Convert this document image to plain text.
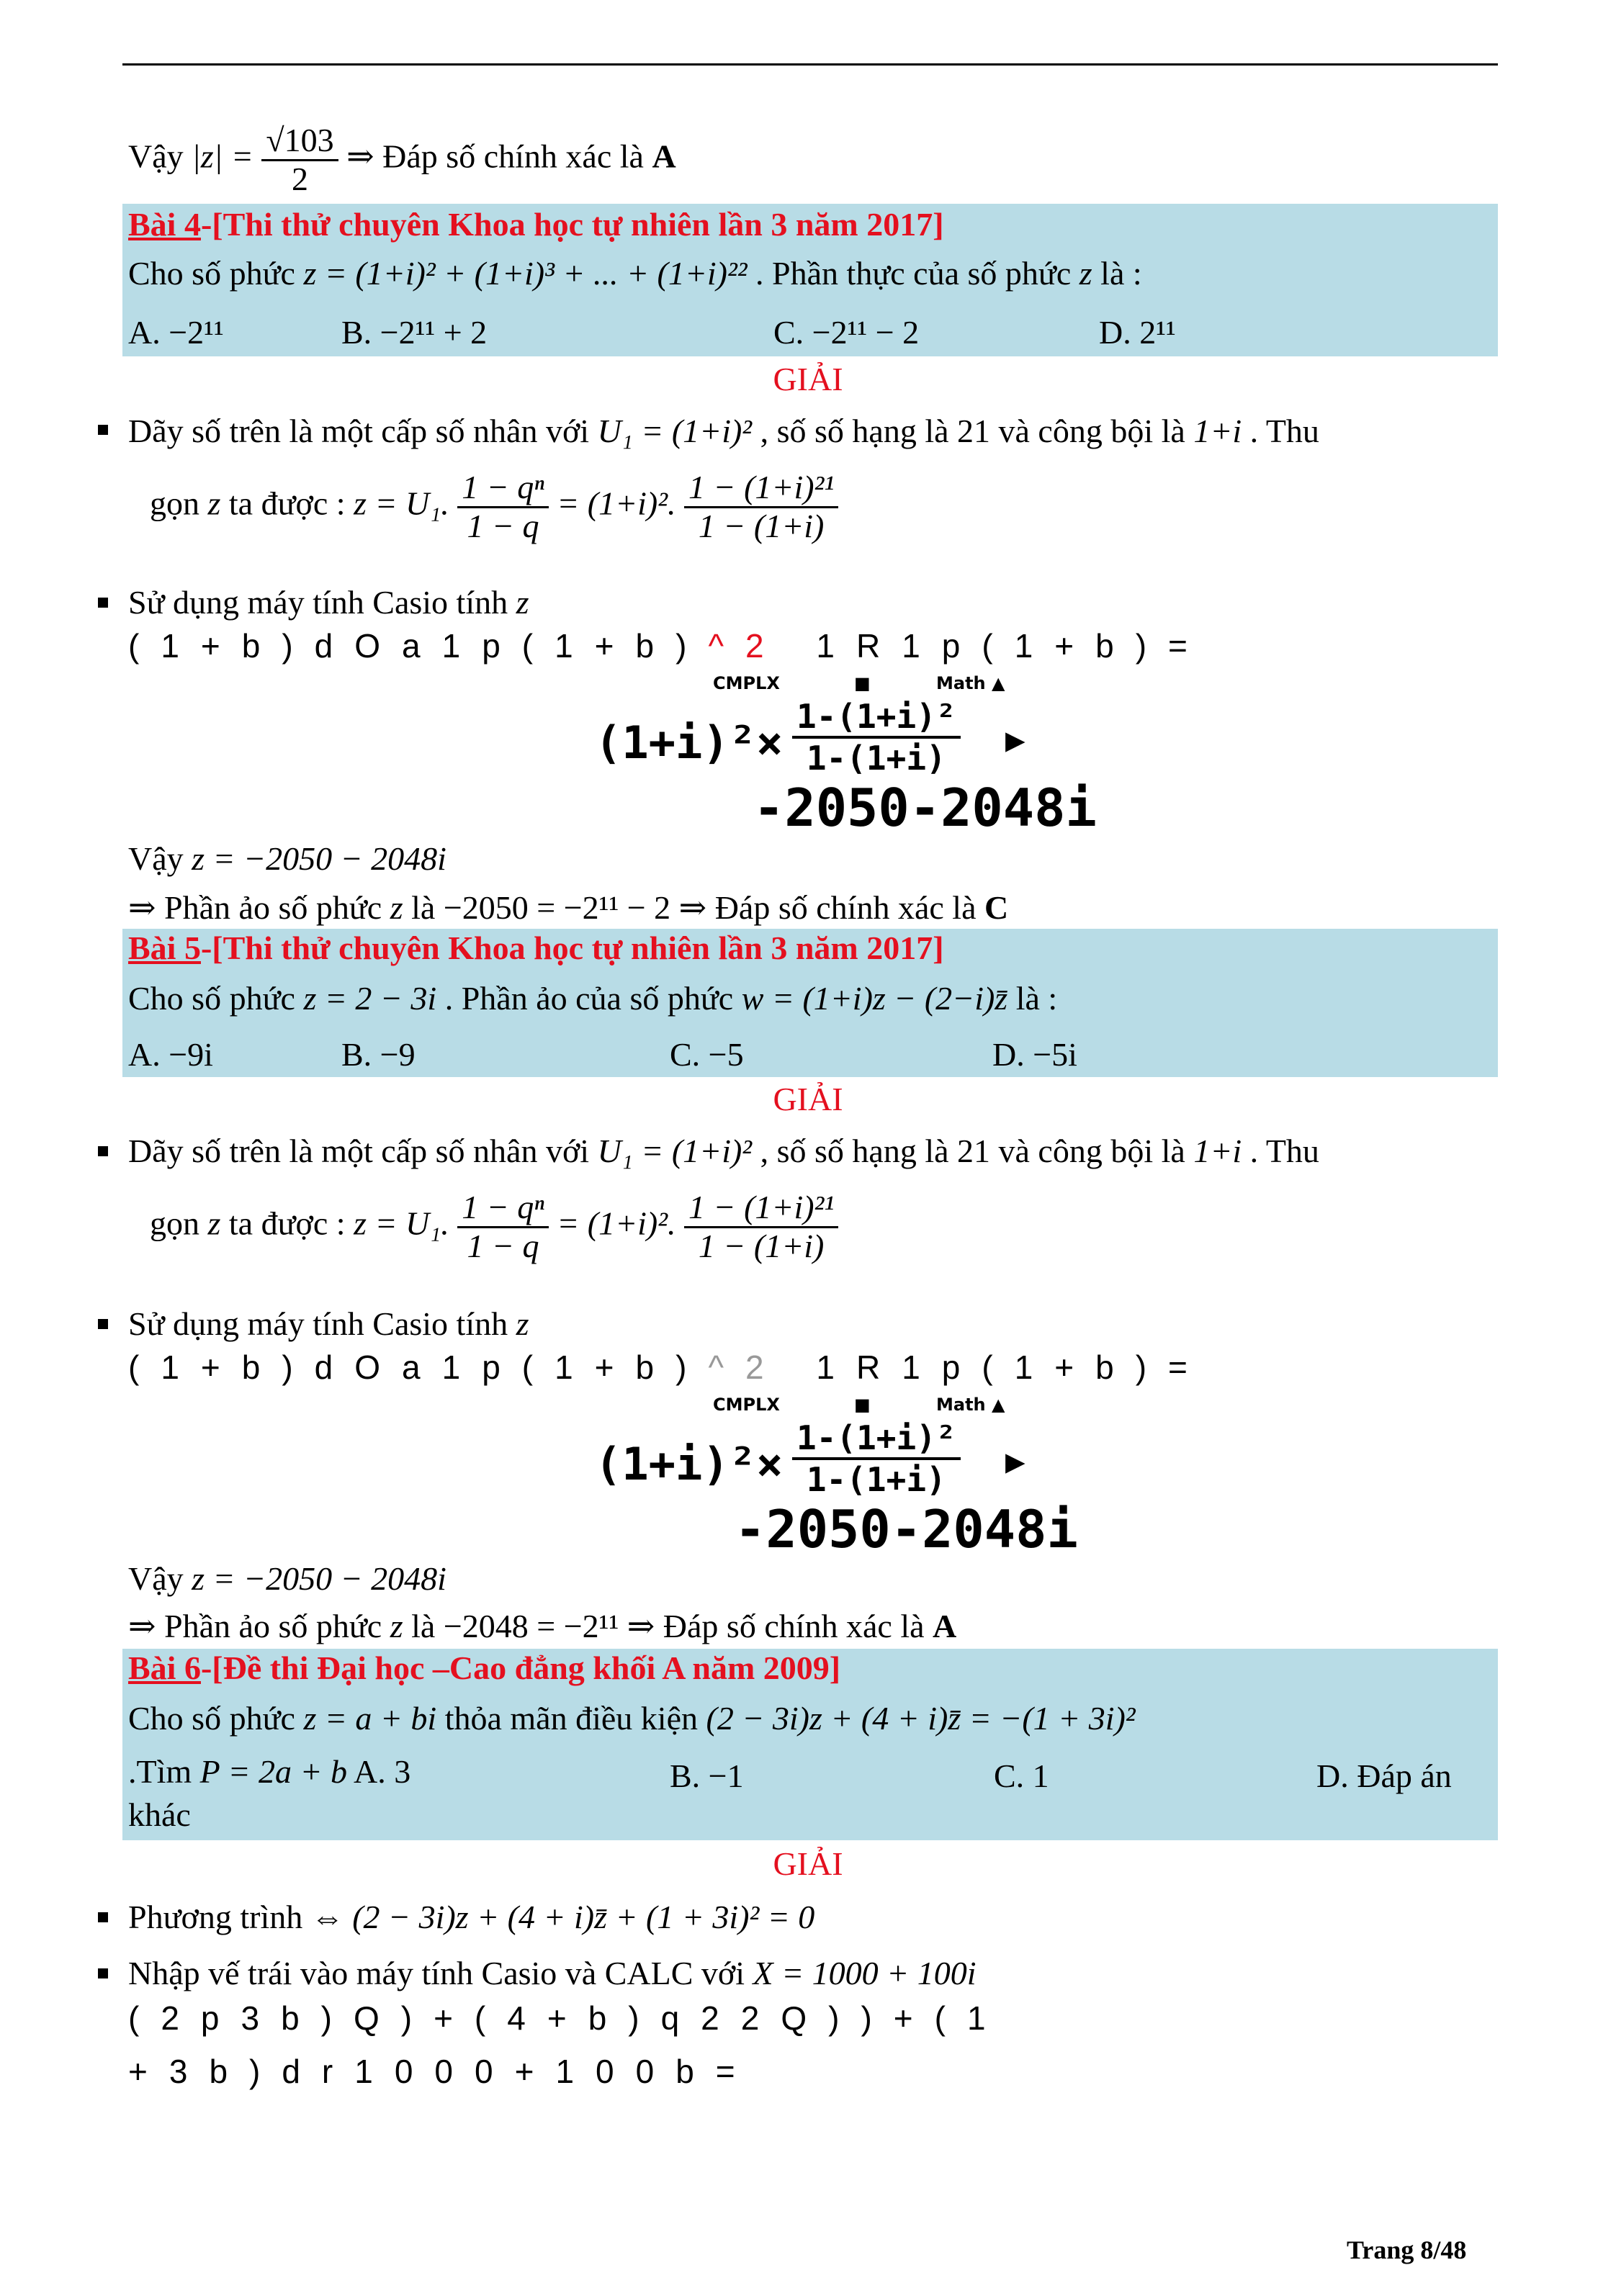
Vậy $|z| = \frac{√103}{2}$ ⇒ Đáp số chính xác là A
Bài 4-[Thi thử chuyên Khoa học tự nhiên lần 3 năm 2017]
Cho số phức z = (1+i)² + (1+i)³ + ... + (1+i)²² . Phần thực của số phức z là :
A. −2¹¹	B. −2¹¹ + 2	C. −2¹¹ − 2	D. 2¹¹
GIẢI
Dãy số trên là một cấp số nhân với U₁ = (1+i)² , số số hạng là 21 và công bội là 1+i . Thu
gọn z ta được : z = U₁. $\frac{\text{1 − qⁿ}}{1 - q} = (1+i)^2$. $\frac{\text{1 − (1+i)²¹}}{1 - (1+i)}$
Sử dụng máy tính Casio tính z
(1+b)dOa1p(1+b)^2 1R1p(1+b)=
CMPLX	■	Math ▲
$(1+i)^2\times \frac{\text{1-(1+i)²}}{1-(1+i)}$ ▶
-2050-2048i
Vậy z = −2050 − 2048i
⇒ Phần ảo số phức z là −2050 = −2¹¹ − 2 ⇒ Đáp số chính xác là C
Bài 5-[Thi thử chuyên Khoa học tự nhiên lần 3 năm 2017]
Cho số phức z = 2 − 3i . Phần ảo của số phức w = (1+i)z − (2−i)z̄ là :
A. −9i	B. −9	C. −5	D. −5i
GIẢI
Dãy số trên là một cấp số nhân với U₁ = (1+i)² , số số hạng là 21 và công bội là 1+i . Thu
gọn z ta được : z = U₁. $\frac{\text{1 − qⁿ}}{1 - q} = (1+i)^2$. $\frac{\text{1 − (1+i)²¹}}{1 - (1+i)}$
Sử dụng máy tính Casio tính z
(1+b)dOa1p(1+b)^2 1R1p(1+b)=
CMPLX	■	Math ▲
$(1+i)^2\times \frac{\text{1-(1+i)²}}{1-(1+i)}$ ▶
-2050-2048i
Vậy z = −2050 − 2048i
⇒ Phần ảo số phức z là −2048 = −2¹¹ ⇒ Đáp số chính xác là A
Bài 6-[Đề thi Đại học –Cao đẳng khối A năm 2009]
Cho số phức z = a + bi thỏa mãn điều kiện (2 − 3i)z + (4 + i)z̄ = −(1 + 3i)²
.Tìm P = 2a + b A. 3	B. −1	C. 1	D. Đáp án
khác
GIẢI
Phương trình ⇔ (2 − 3i)z + (4 + i)z̄ + (1 + 3i)² = 0
Nhập vế trái vào máy tính Casio và CALC với X = 1000 + 100i
(2p3b)Q)+(4+b)q22Q))+(1
+3b)dr1000+100b=
Trang 8/48
